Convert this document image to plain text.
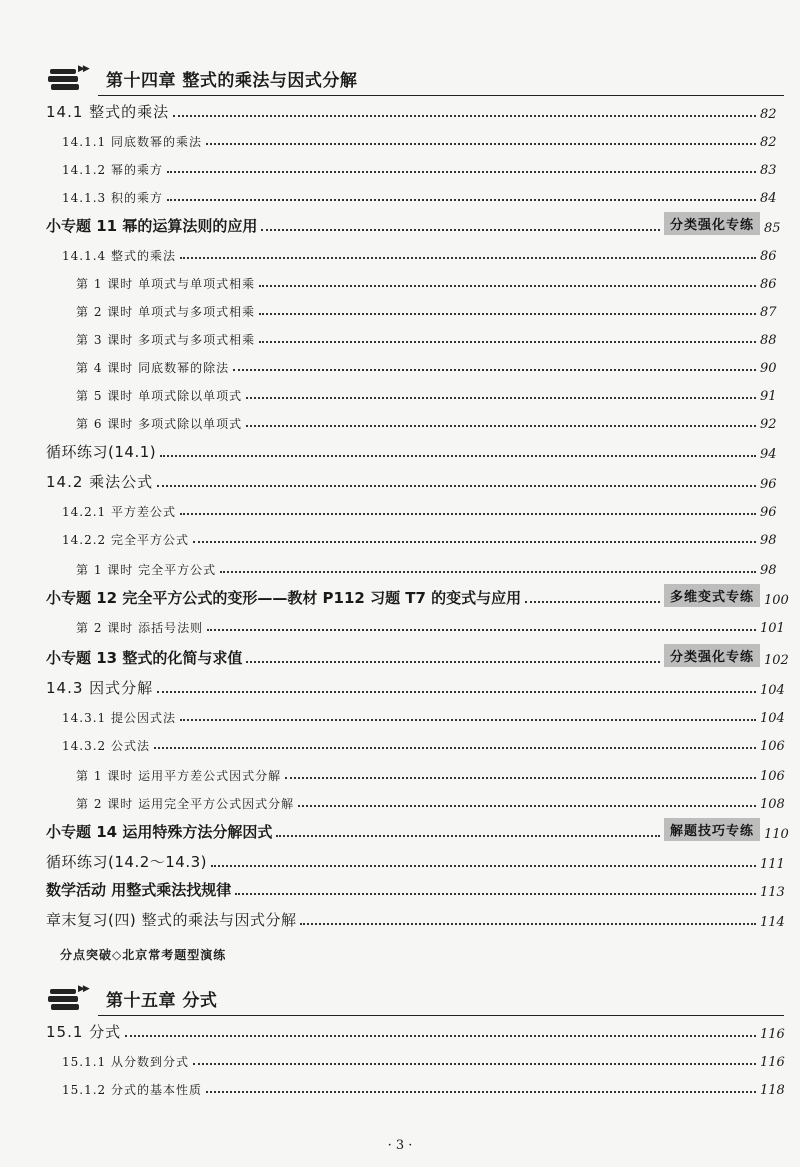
▶▶
第十四章 整式的乘法与因式分解
14.1 整式的乘法	82
14.1.1 同底数幂的乘法	82
14.1.2 幂的乘方	83
14.1.3 积的乘方	84
小专题 11 幂的运算法则的应用	分类强化专练 85
14.1.4 整式的乘法	86
第 1 课时 单项式与单项式相乘	86
第 2 课时 单项式与多项式相乘	87
第 3 课时 多项式与多项式相乘	88
第 4 课时 同底数幂的除法	90
第 5 课时 单项式除以单项式	91
第 6 课时 多项式除以单项式	92
循环练习(14.1)	94
14.2 乘法公式	96
14.2.1 平方差公式	96
14.2.2 完全平方公式	98
第 1 课时 完全平方公式	98
小专题 12 完全平方公式的变形——教材 P112 习题 T7 的变式与应用	多维变式专练 100
第 2 课时 添括号法则	101
小专题 13 整式的化简与求值	分类强化专练 102
14.3 因式分解	104
14.3.1 提公因式法	104
14.3.2 公式法	106
第 1 课时 运用平方差公式因式分解	106
第 2 课时 运用完全平方公式因式分解	108
小专题 14 运用特殊方法分解因式	解题技巧专练 110
循环练习(14.2～14.3)	111
数学活动 用整式乘法找规律	113
章末复习(四) 整式的乘法与因式分解	114
分点突破◇北京常考题型演练
▶▶
第十五章 分式
15.1 分式	116
15.1.1 从分数到分式	116
15.1.2 分式的基本性质	118
· 3 ·
